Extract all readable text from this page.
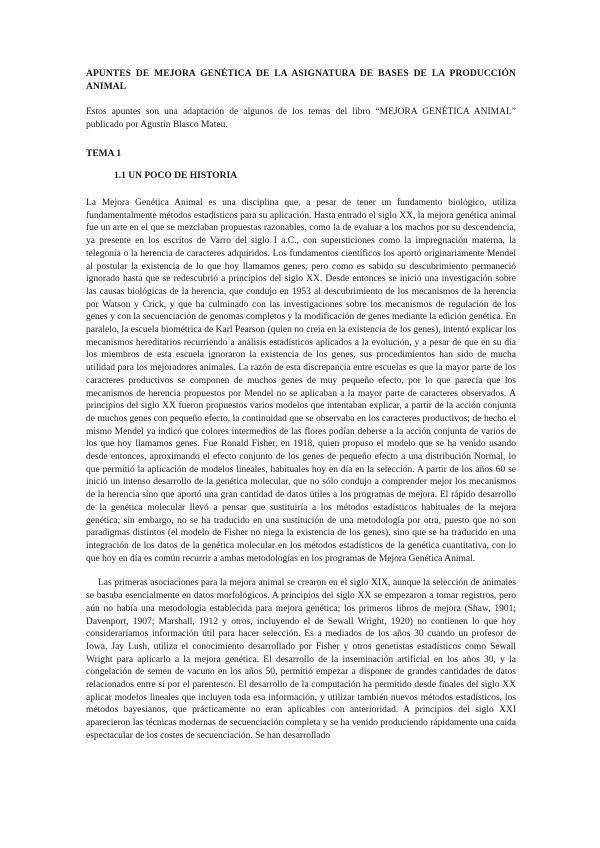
APUNTES DE MEJORA GENÉTICA DE LA ASIGNATURA DE BASES DE LA PRODUCCIÓN ANIMAL

Estos apuntes son una adaptación de algunos de los temas del libro “MEJORA GENÉTICA ANIMAL” publicado por Agustín Blasco Mateu.

TEMA 1

1.1 UN POCO DE HISTORIA

La Mejora Genética Animal es una disciplina que, a pesar de tener un fundamento biológico, utiliza fundamentalmente métodos estadísticos para su aplicación. Hasta entrado el siglo XX, la mejora genética animal fue un arte en el que se mezclaban propuestas razonables, como la de evaluar a los machos por su descendencia, ya presente en los escritos de Varro del siglo I a.C., con supersticiones como la impregnación materna, la telegonía o la herencia de caracteres adquiridos. Los fundamentos científicos los aportó originariamente Mendel al postular la existencia de lo que hoy llamamos genes, pero como es sabido su descubrimiento permaneció ignorado hasta que se redescubrió a principios del siglo XX. Desde entonces se inició una investigación sobre las causas biológicas de la herencia, que condujo en 1953 al descubrimiento de los mecanismos de la herencia por Watson y Crick, y que ha culminado con las investigaciones sobre los mecanismos de regulación de los genes y con la secuenciación de genomas completos y la modificación de genes mediante la edición genética. En paralelo, la escuela biométrica de Karl Pearson (quien no creía en la existencia de los genes), intentó explicar los mecanismos hereditarios recurriendo a análisis estadísticos aplicados a la evolución, y a pesar de que en su día los miembros de esta escuela ignoraron la existencia de los genes, sus procedimientos han sido de mucha utilidad para los mejoradores animales. La razón de esta discrepancia entre escuelas es que la mayor parte de los caracteres productivos se componen de muchos genes de muy pequeño efecto, por lo que parecía que los mecanismos de herencia propuestos por Mendel no se aplicaban a la mayor parte de caracteres observados. A principios del siglo XX fueron propuestos varios modelos que intentaban explicar, a partir de la acción conjunta de muchos genes con pequeño efecto, la continuidad que se observaba en los caracteres productivos; de hecho el mismo Mendel ya indicó que colores intermedios de las flores podían deberse a la acción conjunta de varios de los que hoy llamamos genes. Fue Ronald Fisher, en 1918, quien propuso el modelo que se ha venido usando desde entonces, aproximando el efecto conjunto de los genes de pequeño efecto a una distribución Normal, lo que permitió la aplicación de modelos lineales, habituales hoy en día en la selección. A partir de los años 60 se inició un intenso desarrollo de la genética molecular, que no sólo condujo a comprender mejor los mecanismos de la herencia sino que aportó una gran cantidad de datos útiles a los programas de mejora. El rápido desarrollo de la genética molecular llevó a pensar que sustituiría a los métodos estadísticos habituales de la mejora genética; sin embargo, no se ha traducido en una sustitución de una metodología por otra, puesto que no son paradigmas distintos (el modelo de Fisher no niega la existencia de los genes), sino que se ha traducido en una integración de los datos de la genética molecular en los métodos estadísticos de la genética cuantitativa, con lo que hoy en día es común recurrir a ambas metodologías en los programas de Mejora Genética Animal.

Las primeras asociaciones para la mejora animal se crearon en el siglo XIX, aunque la selección de animales se basaba esencialmente en datos morfológicos. A principios del siglo XX se empezaron a tomar registros, pero aún no había una metodología establecida para mejora genética; los primeros libros de mejora (Shaw, 1901; Davenport, 1907; Marshall, 1912 y otros, incluyendo el de Sewall Wright, 1920) no contienen lo que hoy consideraríamos información útil para hacer selección. Es a mediados de los años 30 cuando un profesor de Iowa, Jay Lush, utiliza el conocimiento desarrollado por Fisher y otros genetistas estadísticos como Sewall Wright para aplicarlo a la mejora genética. El desarrollo de la inseminación artificial en los años 30, y la congelación de semen de vacuno en los años 50, permitió empezar a disponer de grandes cantidades de datos relacionados entre sí por el parentesco. El desarrollo de la computación ha permitido desde finales del siglo XX aplicar modelos lineales que incluyen toda esa información, y utilizar también nuevos métodos estadísticos, los métodos bayesianos, que prácticamente no eran aplicables con anterioridad. A principios del siglo XXI aparecieron las técnicas modernas de secuenciación completa y se ha venido produciendo rápidamente una caída espectacular de los costes de secuenciación. Se han desarrollado
